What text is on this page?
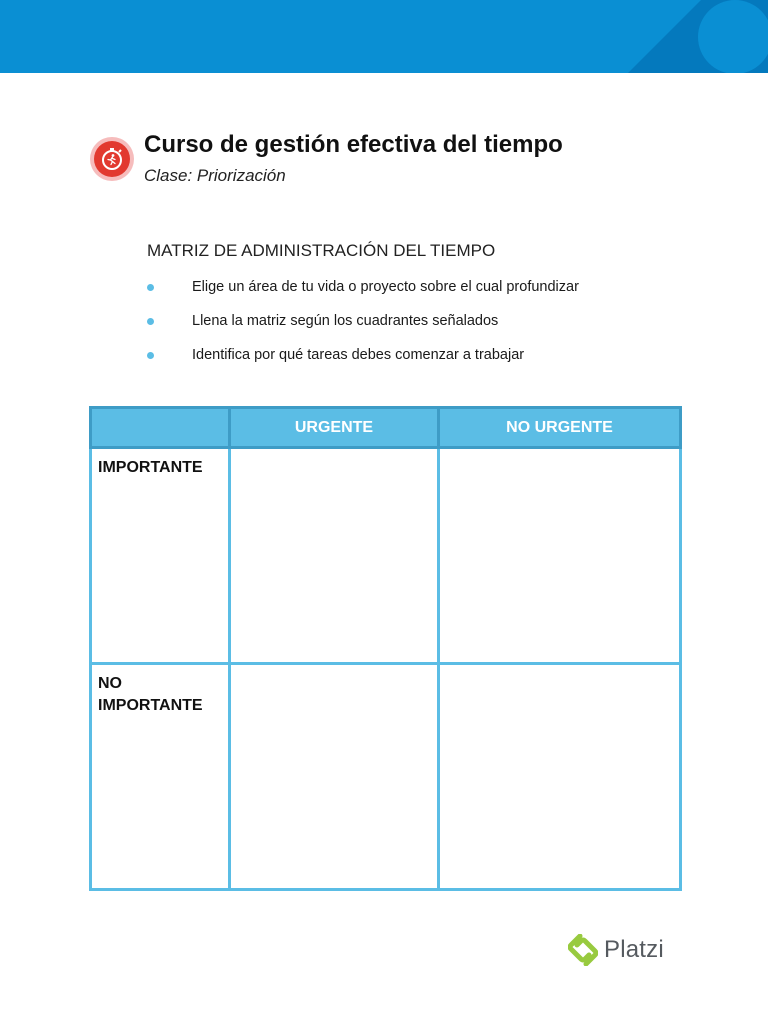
Curso de gestión efectiva del tiempo
Clase: Priorización
MATRIZ DE ADMINISTRACIÓN DEL TIEMPO
Elige un área de tu vida o proyecto sobre el cual profundizar
Llena la matriz según los cuadrantes señalados
Identifica por qué tareas debes comenzar a trabajar
	URGENTE	NO URGENTE
IMPORTANTE		
NO IMPORTANTE		
Platzi
